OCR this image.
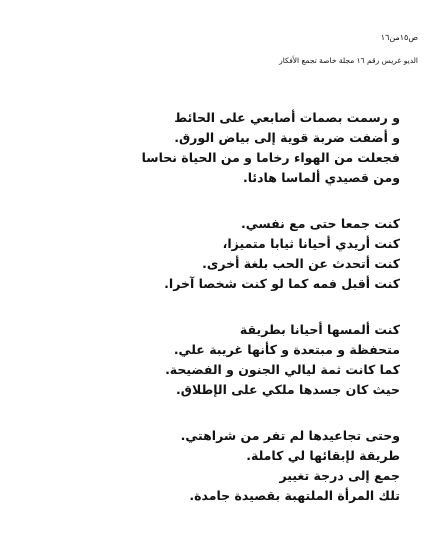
ص١٥من١٦
الديو غريس رقم ١٦ مجلة خاصة تجمع الأفكار
و رسمت بصمات أصابعي على الحائط
و أضفت ضربة قوية إلى بياض الورق.
فجعلت من الهواء رخاما و من الحياة نحاسا
ومن قصيدي ألماسا هادئا.
كنت جمعا حتى مع نفسي.
كنت أريدي أحيانا ثيابا متميزا،
كنت أتحدث عن الحب بلغة أخرى.
كنت أقبل فمه كما لو كنت شخصا آخرا.
كنت ألمسها أحيانا بطريقة
متحفظة و مبتعدة و كأنها غريبة علي.
كما كانت ثمة ليالي الجنون و الفضيحة.
حيث كان جسدها ملكي على الإطلاق.
وحتى تجاعيدها لم تفر من شراهتي.
طريقة لإبقائها لي كاملة.
جمع إلى درجة تغيير
تلك المرأة الملتهبة بقصيدة جامدة.
